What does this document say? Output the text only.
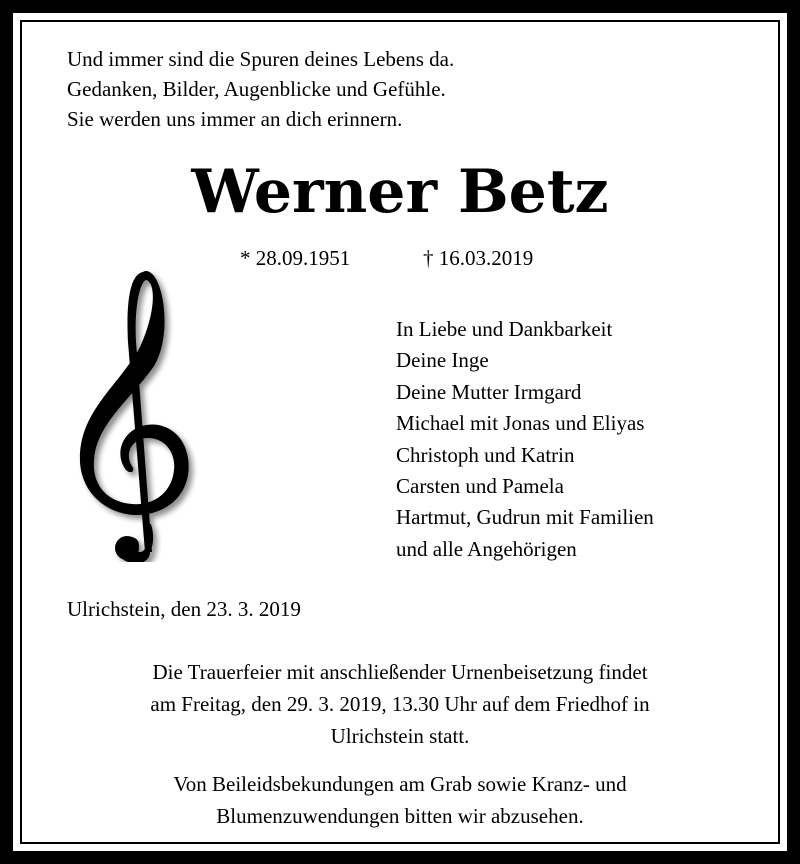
Und immer sind die Spuren deines Lebens da.
Gedanken, Bilder, Augenblicke und Gefühle.
Sie werden uns immer an dich erinnern.
Werner Betz
* 28.09.1951	† 16.03.2019
In Liebe und Dankbarkeit
Deine Inge
Deine Mutter Irmgard
Michael mit Jonas und Eliyas
Christoph und Katrin
Carsten und Pamela
Hartmut, Gudrun mit Familien
und alle Angehörigen
Ulrichstein, den 23. 3. 2019
Die Trauerfeier mit anschließender Urnenbeisetzung findet
am Freitag, den 29. 3. 2019, 13.30 Uhr auf dem Friedhof in
Ulrichstein statt.
Von Beileidsbekundungen am Grab sowie Kranz- und
Blumenzuwendungen bitten wir abzusehen.
